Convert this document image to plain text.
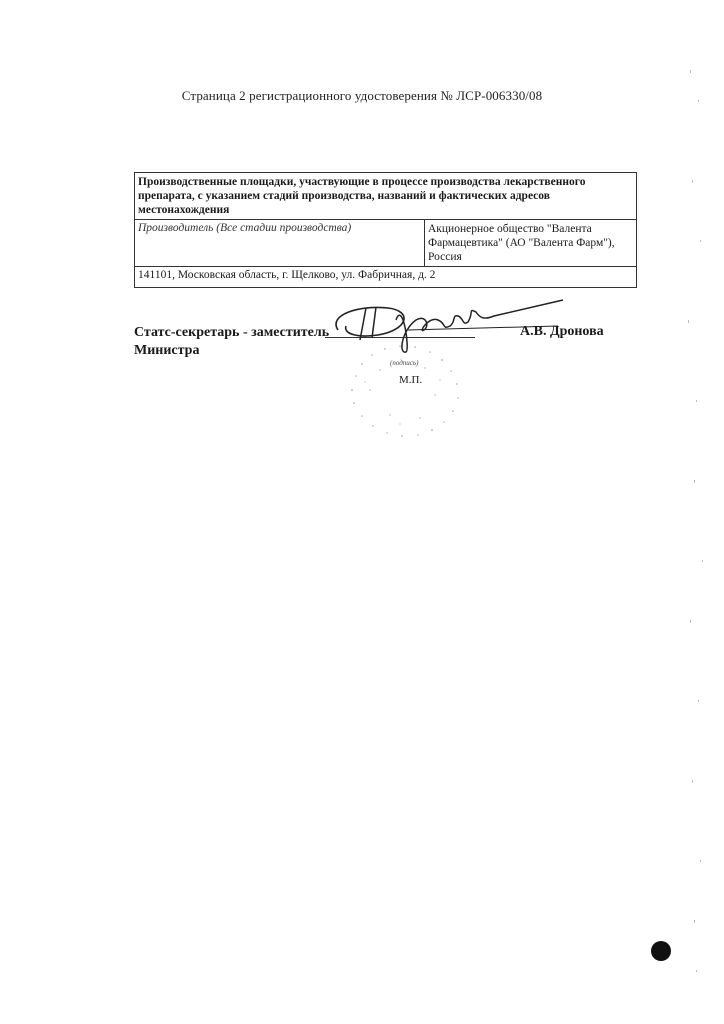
Страница 2 регистрационного удостоверения № ЛСР-006330/08
Производственные площадки, участвующие в процессе производства лекарственного препарата, с указанием стадий производства, названий и фактических адресов местонахождения
Производитель (Все стадии производства)	Акционерное общество "Валента
Фармацевтика" (АО "Валента Фарм"),
Россия

141101, Московская область, г. Щелково, ул. Фабричная, д. 2
Статс-секретарь - заместитель
Министра
А.В. Дронова
(подпись)
М.П.
